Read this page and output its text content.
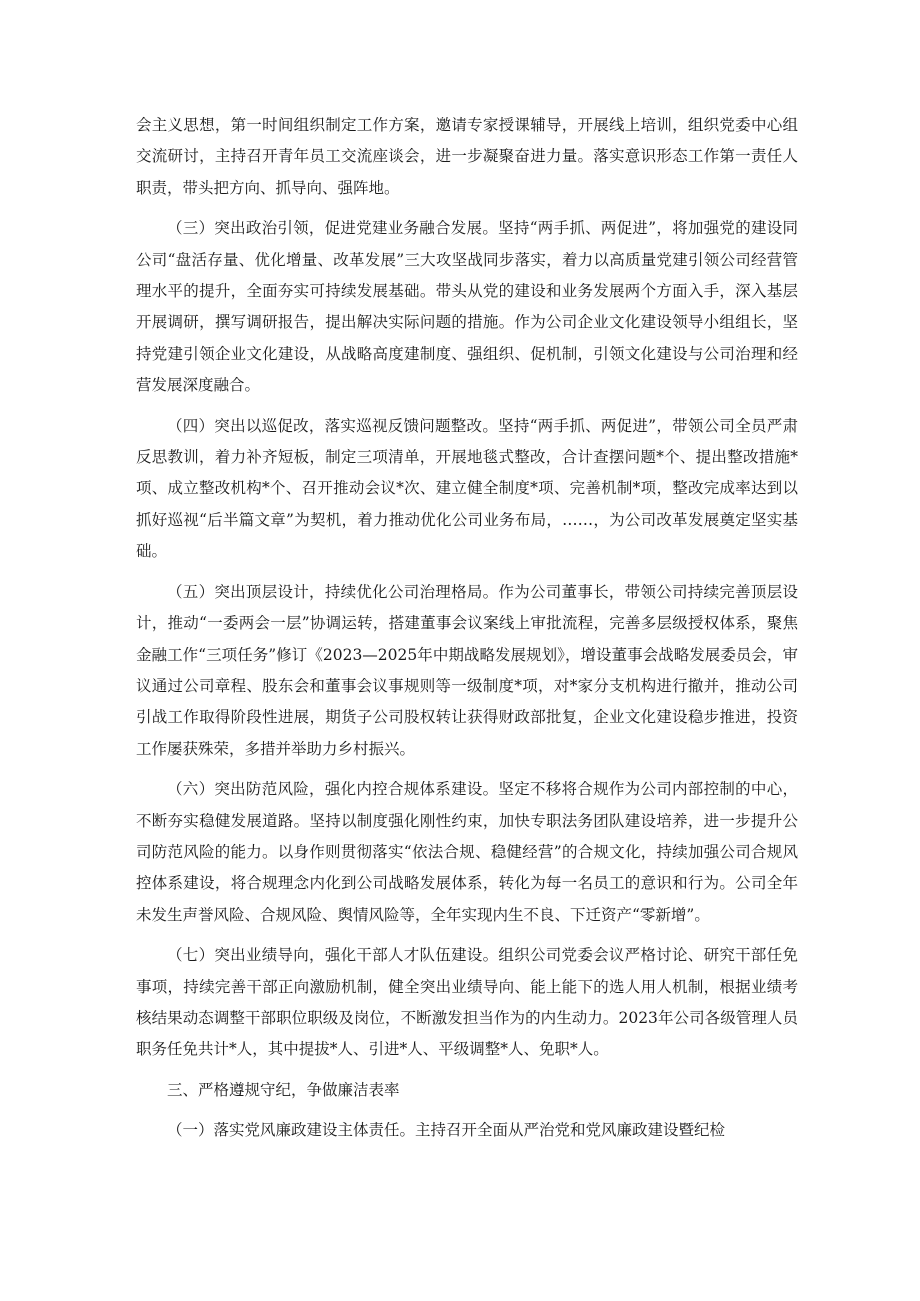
会主义思想，第一时间组织制定工作方案，邀请专家授课辅导，开展线上培训，组织党委中心组交流研讨，主持召开青年员工交流座谈会，进一步凝聚奋进力量。落实意识形态工作第一责任人职责，带头把方向、抓导向、强阵地。

（三）突出政治引领，促进党建业务融合发展。坚持“两手抓、两促进”，将加强党的建设同公司“盘活存量、优化增量、改革发展”三大攻坚战同步落实，着力以高质量党建引领公司经营管理水平的提升，全面夯实可持续发展基础。带头从党的建设和业务发展两个方面入手，深入基层开展调研，撰写调研报告，提出解决实际问题的措施。作为公司企业文化建设领导小组组长，坚持党建引领企业文化建设，从战略高度建制度、强组织、促机制，引领文化建设与公司治理和经营发展深度融合。

（四）突出以巡促改，落实巡视反馈问题整改。坚持“两手抓、两促进”，带领公司全员严肃反思教训，着力补齐短板，制定三项清单，开展地毯式整改，合计查摆问题*个、提出整改措施*项、成立整改机构*个、召开推动会议*次、建立健全制度*项、完善机制*项，整改完成率达到以抓好巡视“后半篇文章”为契机，着力推动优化公司业务布局，……，为公司改革发展奠定坚实基础。

（五）突出顶层设计，持续优化公司治理格局。作为公司董事长，带领公司持续完善顶层设计，推动“一委两会一层”协调运转，搭建董事会议案线上审批流程，完善多层级授权体系，聚焦金融工作“三项任务”修订《2023—2025年中期战略发展规划》，增设董事会战略发展委员会，审议通过公司章程、股东会和董事会议事规则等一级制度*项，对*家分支机构进行撤并，推动公司引战工作取得阶段性进展，期货子公司股权转让获得财政部批复，企业文化建设稳步推进，投资工作屡获殊荣，多措并举助力乡村振兴。

（六）突出防范风险，强化内控合规体系建设。坚定不移将合规作为公司内部控制的中心，不断夯实稳健发展道路。坚持以制度强化刚性约束，加快专职法务团队建设培养，进一步提升公司防范风险的能力。以身作则贯彻落实“依法合规、稳健经营”的合规文化，持续加强公司合规风控体系建设，将合规理念内化到公司战略发展体系，转化为每一名员工的意识和行为。公司全年未发生声誉风险、合规风险、舆情风险等，全年实现内生不良、下迁资产“零新增”。

（七）突出业绩导向，强化干部人才队伍建设。组织公司党委会议严格讨论、研究干部任免事项，持续完善干部正向激励机制，健全突出业绩导向、能上能下的选人用人机制，根据业绩考核结果动态调整干部职位职级及岗位，不断激发担当作为的内生动力。2023年公司各级管理人员职务任免共计*人，其中提拔*人、引进*人、平级调整*人、免职*人。

三、严格遵规守纪，争做廉洁表率

（一）落实党风廉政建设主体责任。主持召开全面从严治党和党风廉政建设暨纪检
